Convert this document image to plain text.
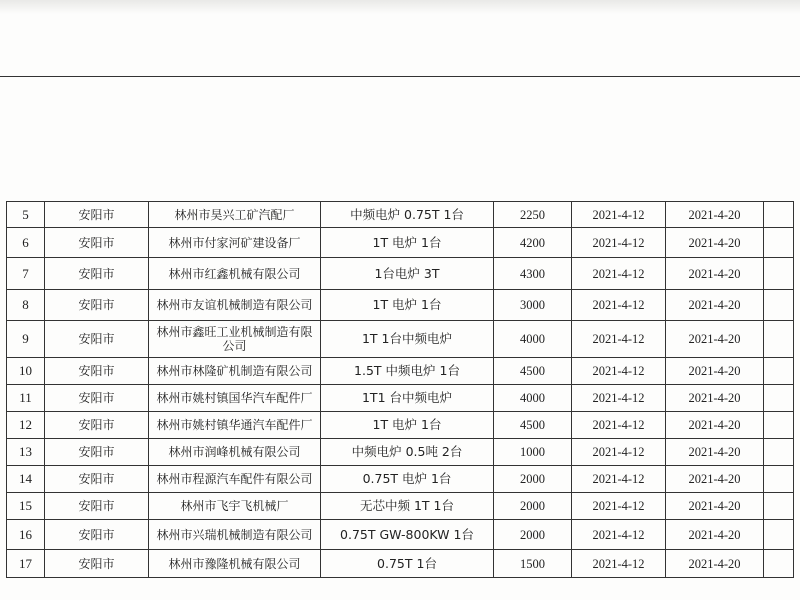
5	安阳市	林州市昊兴工矿汽配厂	中频电炉 0.75T 1台	2250	2021-4-12	2021-4-20	
6	安阳市	林州市付家河矿建设备厂	1T 电炉 1台	4200	2021-4-12	2021-4-20	
7	安阳市	林州市红鑫机械有限公司	1台电炉 3T	4300	2021-4-12	2021-4-20	
8	安阳市	林州市友谊机械制造有限公司	1T 电炉 1台	3000	2021-4-12	2021-4-20	
9	安阳市	林州市鑫旺工业机械制造有限公司	1T 1台中频电炉	4000	2021-4-12	2021-4-20	
10	安阳市	林州市林隆矿机制造有限公司	1.5T 中频电炉 1台	4500	2021-4-12	2021-4-20	
11	安阳市	林州市姚村镇国华汽车配件厂	1T1 台中频电炉	4000	2021-4-12	2021-4-20	
12	安阳市	林州市姚村镇华通汽车配件厂	1T 电炉 1台	4500	2021-4-12	2021-4-20	
13	安阳市	林州市润峰机械有限公司	中频电炉 0.5吨 2台	1000	2021-4-12	2021-4-20	
14	安阳市	林州市程源汽车配件有限公司	0.75T 电炉 1台	2000	2021-4-12	2021-4-20	
15	安阳市	林州市飞宇飞机械厂	无芯中频 1T 1台	2000	2021-4-12	2021-4-20	
16	安阳市	林州市兴瑞机械制造有限公司	0.75T GW-800KW 1台	2000	2021-4-12	2021-4-20	
17	安阳市	林州市豫隆机械有限公司	0.75T 1台	1500	2021-4-12	2021-4-20	
